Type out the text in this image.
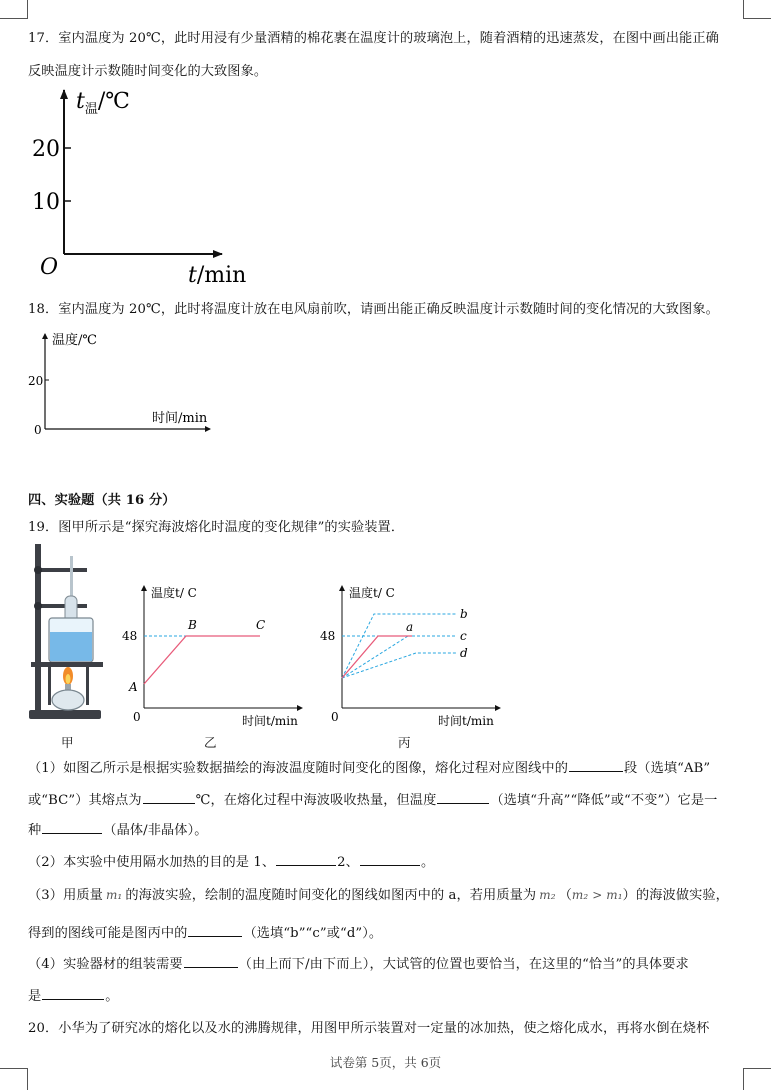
17．室内温度为 20℃，此时用浸有少量酒精的棉花裹在温度计的玻璃泡上，随着酒精的迅速蒸发，在图中画出能正确
反映温度计示数随时间变化的大致图象。
20
10
O
$t_温/℃$
t/min
18．室内温度为 20℃，此时将温度计放在电风扇前吹，请画出能正确反映温度计示数随时间的变化情况的大致图象。
20
0
温度/℃
时间/min
四、实验题（共 16 分）
19．图甲所示是“探究海波熔化时温度的变化规律”的实验装置．
48
0
温度t/ C
时间t/min
A
B	C
48
0
温度t/ C
时间t/min
a
b
c
d
甲	乙	丙
（1）如图乙所示是根据实验数据描绘的海波温度随时间变化的图像，熔化过程对应图线中的	段（选填“AB”
或“BC”）其熔点为	℃，在熔化过程中海波吸收热量，但温度	（选填“升高”“降低”或“不变”）它是一
种	（晶体/非晶体）。
（2）本实验中使用隔水加热的目的是 1、	2、	。
（3）用质量 m₁ 的海波实验，绘制的温度随时间变化的图线如图丙中的 a，若用质量为 m₂ （m₂ > m₁）的海波做实验，
得到的图线可能是图丙中的	（选填“b”“c”或“d”）。
（4）实验器材的组装需要	（由上而下/由下而上），大试管的位置也要恰当，在这里的“恰当”的具体要求
是	。
20．小华为了研究冰的熔化以及水的沸腾规律，用图甲所示装置对一定量的冰加热，使之熔化成水，再将水倒在烧杯
试卷第 5页，共 6页
